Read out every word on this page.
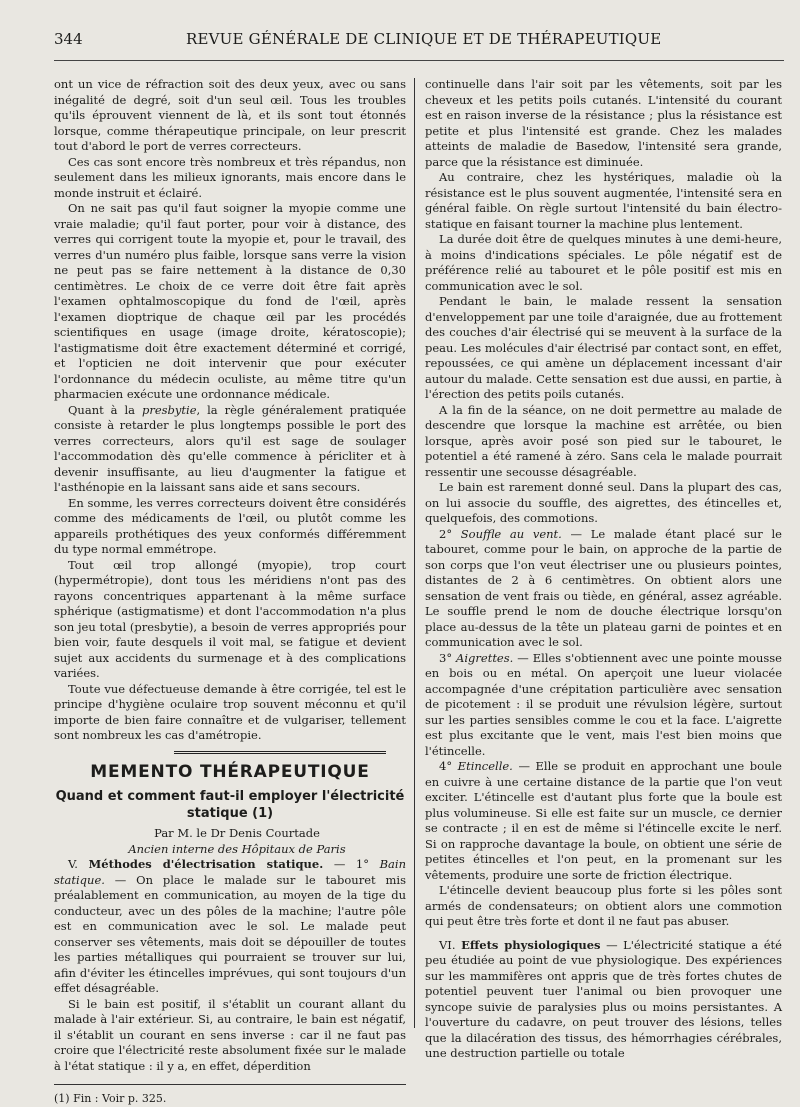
344	REVUE GÉNÉRALE DE CLINIQUE ET DE THÉRAPEUTIQUE

ont un vice de réfraction soit des deux yeux, avec ou sans inégalité de degré, soit d'un seul œil. Tous les troubles qu'ils éprouvent viennent de là, et ils sont tout étonnés lorsque, comme thérapeutique principale, on leur prescrit tout d'abord le port de verres correcteurs.

Ces cas sont encore très nombreux et très répandus, non seulement dans les milieux ignorants, mais encore dans le monde instruit et éclairé.

On ne sait pas qu'il faut soigner la myopie comme une vraie maladie; qu'il faut porter, pour voir à distance, des verres qui corrigent toute la myopie et, pour le travail, des verres d'un numéro plus faible, lorsque sans verre la vision ne peut pas se faire nettement à la distance de 0,30 centimètres. Le choix de ce verre doit être fait après l'examen ophtalmoscopique du fond de l'œil, après l'examen dioptrique de chaque œil par les procédés scientifiques en usage (image droite, kératoscopie); l'astigmatisme doit être exactement déterminé et corrigé, et l'opticien ne doit intervenir que pour exécuter l'ordonnance du médecin oculiste, au même titre qu'un pharmacien exécute une ordonnance médicale.

Quant à la presbytie, la règle généralement pratiquée consiste à retarder le plus longtemps possible le port des verres correcteurs, alors qu'il est sage de soulager l'accommodation dès qu'elle commence à péricliter et à devenir insuffisante, au lieu d'augmenter la fatigue et l'asthénopie en la laissant sans aide et sans secours.

En somme, les verres correcteurs doivent être considérés comme des médicaments de l'œil, ou plutôt comme les appareils prothétiques des yeux conformés différemment du type normal emmétrope.

Tout œil trop allongé (myopie), trop court (hypermétropie), dont tous les méridiens n'ont pas des rayons concentriques appartenant à la même surface sphérique (astigmatisme) et dont l'accommodation n'a plus son jeu total (presbytie), a besoin de verres appropriés pour bien voir, faute desquels il voit mal, se fatigue et devient sujet aux accidents du surmenage et à des complications variées.

Toute vue défectueuse demande à être corrigée, tel est le principe d'hygiène oculaire trop souvent méconnu et qu'il importe de bien faire connaître et de vulgariser, tellement sont nombreux les cas d'amétropie.

MEMENTO THÉRAPEUTIQUE
Quand et comment faut-il employer l'électricité statique (1)

Par M. le Dr Denis Courtade

Ancien interne des Hôpitaux de Paris

V. Méthodes d'électrisation statique. — 1° Bain statique. — On place le malade sur le tabouret mis préalablement en communication, au moyen de la tige du conducteur, avec un des pôles de la machine; l'autre pôle est en communication avec le sol. Le malade peut conserver ses vêtements, mais doit se dépouiller de toutes les parties métalliques qui pourraient se trouver sur lui, afin d'éviter les étincelles imprévues, qui sont toujours d'un effet désagréable.

Si le bain est positif, il s'établit un courant allant du malade à l'air extérieur. Si, au contraire, le bain est négatif, il s'établit un courant en sens inverse : car il ne faut pas croire que l'électricité reste absolument fixée sur le malade à l'état statique : il y a, en effet, déperdition

(1) Fin : Voir p. 325.

continuelle dans l'air soit par les vêtements, soit par les cheveux et les petits poils cutanés. L'intensité du courant est en raison inverse de la résistance ; plus la résistance est petite et plus l'intensité est grande. Chez les malades atteints de maladie de Basedow, l'intensité sera grande, parce que la résistance est diminuée.

Au contraire, chez les hystériques, maladie où la résistance est le plus souvent augmentée, l'intensité sera en général faible. On règle surtout l'intensité du bain électro-statique en faisant tourner la machine plus lentement.

La durée doit être de quelques minutes à une demi-heure, à moins d'indications spéciales. Le pôle négatif est de préférence relié au tabouret et le pôle positif est mis en communication avec le sol.

Pendant le bain, le malade ressent la sensation d'enveloppement par une toile d'araignée, due au frottement des couches d'air électrisé qui se meuvent à la surface de la peau. Les molécules d'air électrisé par contact sont, en effet, repoussées, ce qui amène un déplacement incessant d'air autour du malade. Cette sensation est due aussi, en partie, à l'érection des petits poils cutanés.

A la fin de la séance, on ne doit permettre au malade de descendre que lorsque la machine est arrêtée, ou bien lorsque, après avoir posé son pied sur le tabouret, le potentiel a été ramené à zéro. Sans cela le malade pourrait ressentir une secousse désagréable.

Le bain est rarement donné seul. Dans la plupart des cas, on lui associe du souffle, des aigrettes, des étincelles et, quelquefois, des commotions.

2° Souffle au vent. — Le malade étant placé sur le tabouret, comme pour le bain, on approche de la partie de son corps que l'on veut électriser une ou plusieurs pointes, distantes de 2 à 6 centimètres. On obtient alors une sensation de vent frais ou tiède, en général, assez agréable. Le souffle prend le nom de douche électrique lorsqu'on place au-dessus de la tête un plateau garni de pointes et en communication avec le sol.

3° Aigrettes. — Elles s'obtiennent avec une pointe mousse en bois ou en métal. On aperçoit une lueur violacée accompagnée d'une crépitation particulière avec sensation de picotement : il se produit une révulsion légère, surtout sur les parties sensibles comme le cou et la face. L'aigrette est plus excitante que le vent, mais l'est bien moins que l'étincelle.

4° Etincelle. — Elle se produit en approchant une boule en cuivre à une certaine distance de la partie que l'on veut exciter. L'étincelle est d'autant plus forte que la boule est plus volumineuse. Si elle est faite sur un muscle, ce dernier se contracte ; il en est de même si l'étincelle excite le nerf. Si on rapproche davantage la boule, on obtient une série de petites étincelles et l'on peut, en la promenant sur les vêtements, produire une sorte de friction électrique.

L'étincelle devient beaucoup plus forte si les pôles sont armés de condensateurs; on obtient alors une commotion qui peut être très forte et dont il ne faut pas abuser.

VI. Effets physiologiques — L'électricité statique a été peu étudiée au point de vue physiologique. Des expériences sur les mammifères ont appris que de très fortes chutes de potentiel peuvent tuer l'animal ou bien provoquer une syncope suivie de paralysies plus ou moins persistantes. A l'ouverture du cadavre, on peut trouver des lésions, telles que la dilacération des tissus, des hémorrhagies cérébrales, une destruction partielle ou totale
